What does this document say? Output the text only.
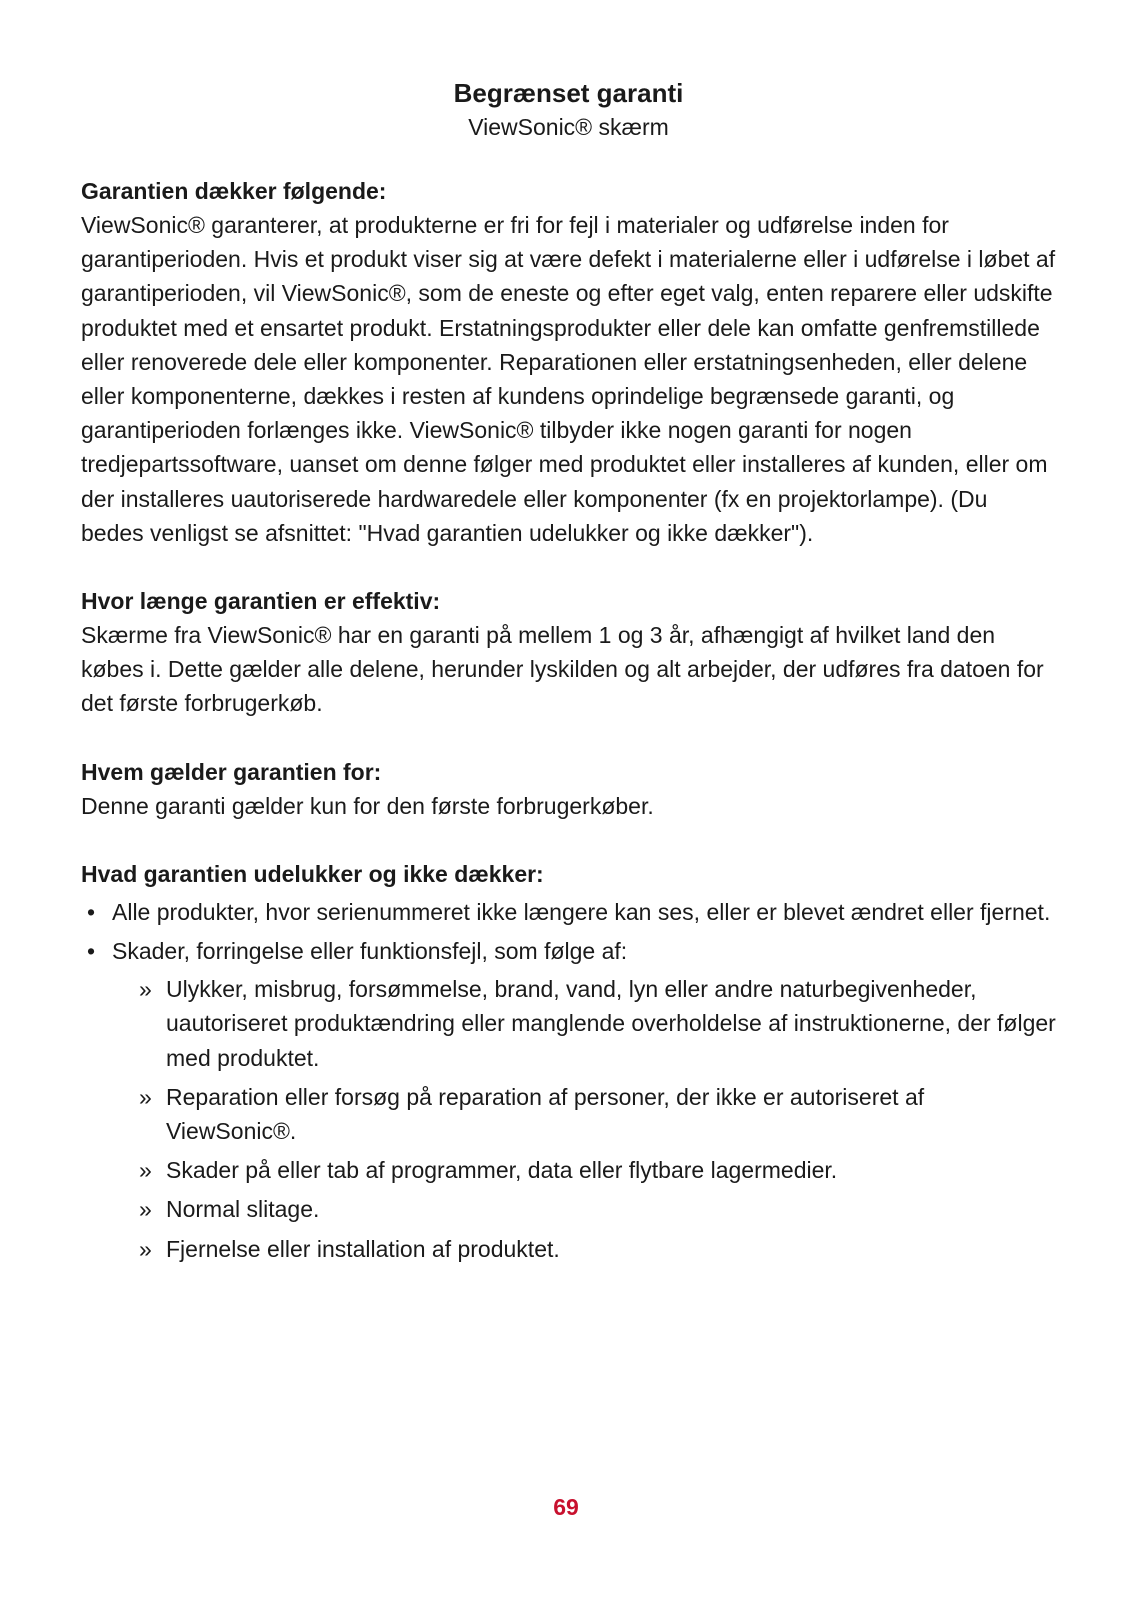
Begrænset garanti

ViewSonic® skærm

Garantien dækker følgende:

ViewSonic® garanterer, at produkterne er fri for fejl i materialer og udførelse inden for garantiperioden. Hvis et produkt viser sig at være defekt i materialerne eller i udførelse i løbet af garantiperioden, vil ViewSonic®, som de eneste og efter eget valg, enten reparere eller udskifte produktet med et ensartet produkt. Erstatningsprodukter eller dele kan omfatte genfremstillede eller renoverede dele eller komponenter. Reparationen eller erstatningsenheden, eller delene eller komponenterne, dækkes i resten af kundens oprindelige begrænsede garanti, og garantiperioden forlænges ikke. ViewSonic® tilbyder ikke nogen garanti for nogen tredjepartssoftware, uanset om denne følger med produktet eller installeres af kunden, eller om der installeres uautoriserede hardwaredele eller komponenter (fx en projektorlampe). (Du bedes venligst se afsnittet: "Hvad garantien udelukker og ikke dækker").

Hvor længe garantien er effektiv:

Skærme fra ViewSonic® har en garanti på mellem 1 og 3 år, afhængigt af hvilket land den købes i. Dette gælder alle delene, herunder lyskilden og alt arbejder, der udføres fra datoen for det første forbrugerkøb.

Hvem gælder garantien for:

Denne garanti gælder kun for den første forbrugerkøber.

Hvad garantien udelukker og ikke dækker:
• Alle produkter, hvor serienummeret ikke længere kan ses, eller er blevet ændret eller fjernet.
• Skader, forringelse eller funktionsfejl, som følge af:
» Ulykker, misbrug, forsømmelse, brand, vand, lyn eller andre naturbegivenheder, uautoriseret produktændring eller manglende overholdelse af instruktionerne, der følger med produktet.
» Reparation eller forsøg på reparation af personer, der ikke er autoriseret af ViewSonic®.
» Skader på eller tab af programmer, data eller flytbare lagermedier.
» Normal slitage.
» Fjernelse eller installation af produktet.
69
